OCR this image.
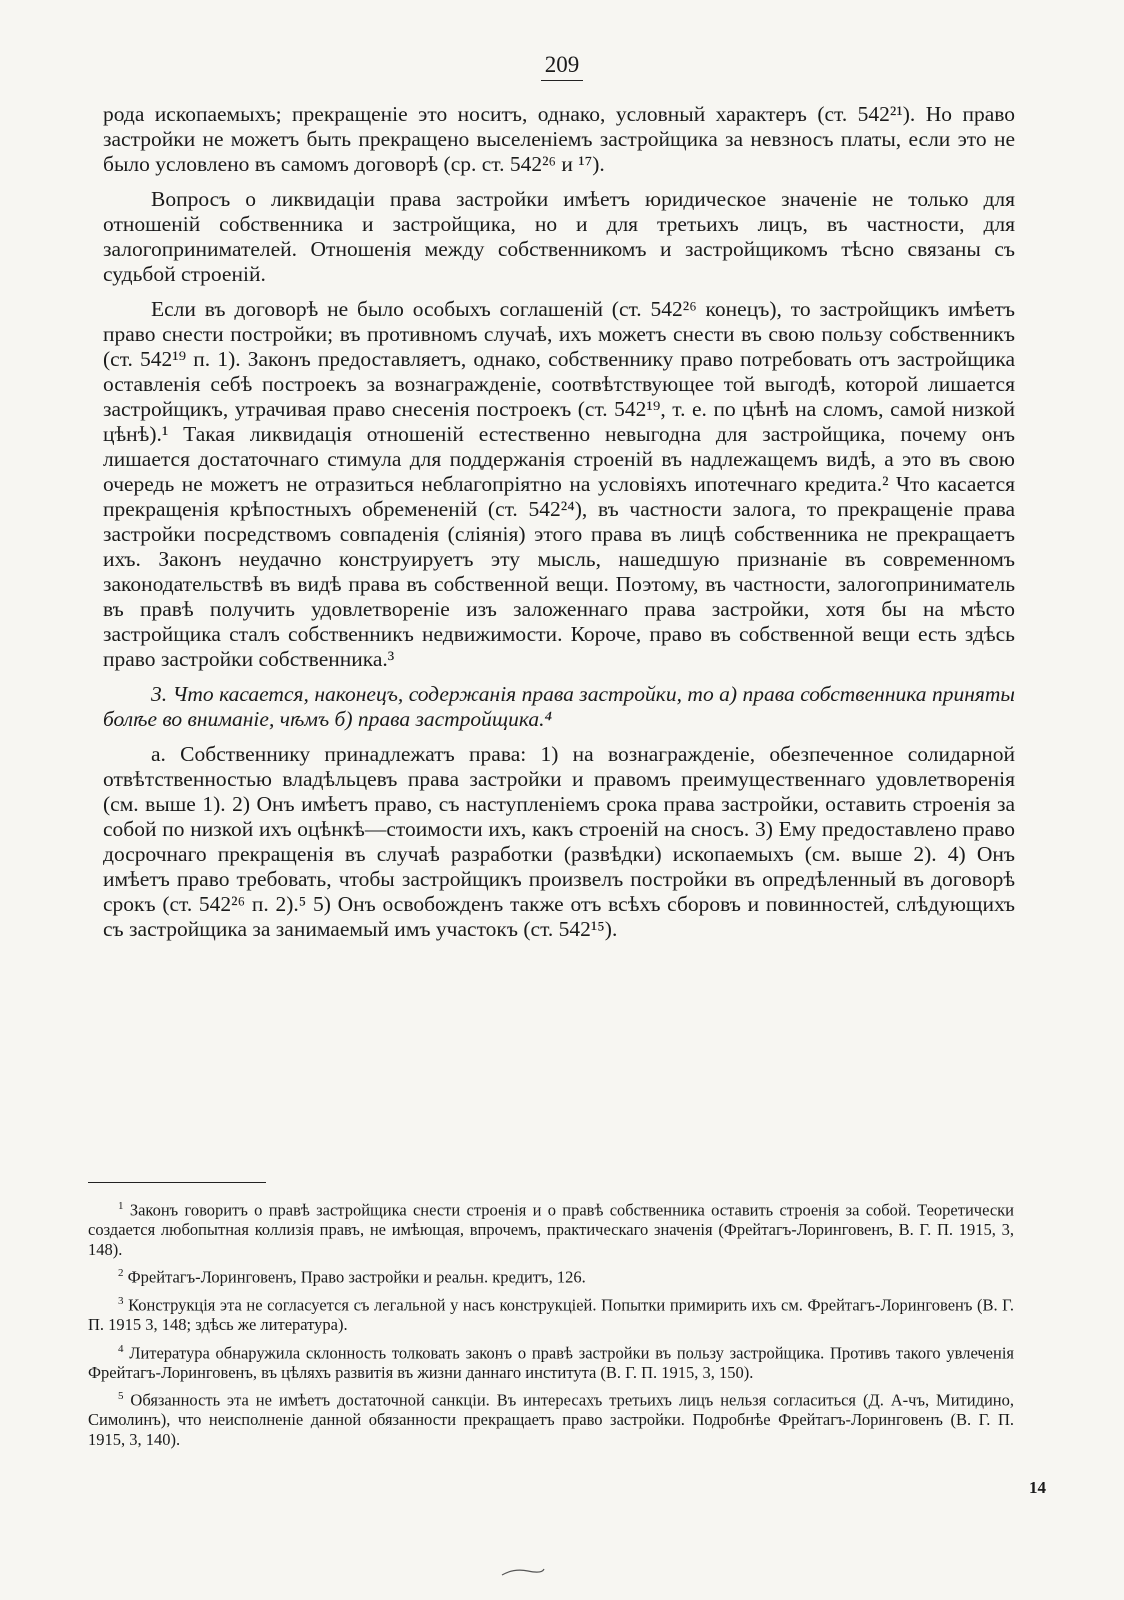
209

рода ископаемыхъ; прекращеніе это носитъ, однако, условный характеръ (ст. 542²¹). Но право застройки не можетъ быть прекращено выселеніемъ застройщика за невзносъ платы, если это не было условлено въ самомъ договорѣ (ср. ст. 542²⁶ и ¹⁷).

Вопросъ о ликвидаціи права застройки имѣетъ юридическое значеніе не только для отношеній собственника и застройщика, но и для третьихъ лицъ, въ частности, для залогопринимателей. Отношенія между собственникомъ и застройщикомъ тѣсно связаны съ судьбой строеній.

Если въ договорѣ не было особыхъ соглашеній (ст. 542²⁶ конецъ), то застройщикъ имѣетъ право снести постройки; въ противномъ случаѣ, ихъ можетъ снести въ свою пользу собственникъ (ст. 542¹⁹ п. 1). Законъ предоставляетъ, однако, собственнику право потребовать отъ застройщика оставленія себѣ построекъ за вознагражденіе, соотвѣтствующее той выгодѣ, которой лишается застройщикъ, утрачивая право снесенія построекъ (ст. 542¹⁹, т. е. по цѣнѣ на сломъ, самой низкой цѣнѣ).¹ Такая ликвидація отношеній естественно невыгодна для застройщика, почему онъ лишается достаточнаго стимула для поддержанія строеній въ надлежащемъ видѣ, а это въ свою очередь не можетъ не отразиться неблагопріятно на условіяхъ ипотечнаго кредита.² Что касается прекращенія крѣпостныхъ обремененій (ст. 542²⁴), въ частности залога, то прекращеніе права застройки посредствомъ совпаденія (сліянія) этого права въ лицѣ собственника не прекращаетъ ихъ. Законъ неудачно конструируетъ эту мысль, нашедшую признаніе въ современномъ законодательствѣ въ видѣ права въ собственной вещи. Поэтому, въ частности, залогоприниматель въ правѣ получить удовлетвореніе изъ заложеннаго права застройки, хотя бы на мѣсто застройщика сталъ собственникъ недвижимости. Короче, право въ собственной вещи есть здѣсь право застройки собственника.³

3. Что касается, наконецъ, содержанія права застройки, то а) права собственника приняты болѣе во вниманіе, чѣмъ б) права застройщика.⁴

а. Собственнику принадлежатъ права: 1) на вознагражденіе, обезпеченное солидарной отвѣтственностью владѣльцевъ права застройки и правомъ преимущественнаго удовлетворенія (см. выше 1). 2) Онъ имѣетъ право, съ наступленіемъ срока права застройки, оставить строенія за собой по низкой ихъ оцѣнкѣ—стоимости ихъ, какъ строеній на сносъ. 3) Ему предоставлено право досрочнаго прекращенія въ случаѣ разработки (развѣдки) ископаемыхъ (см. выше 2). 4) Онъ имѣетъ право требовать, чтобы застройщикъ произвелъ постройки въ опредѣленный въ договорѣ срокъ (ст. 542²⁶ п. 2).⁵ 5) Онъ освобожденъ также отъ всѣхъ сборовъ и повинностей, слѣдующихъ съ застройщика за занимаемый имъ участокъ (ст. 542¹⁵).

$^1$ Законъ говоритъ о правѣ застройщика снести строенія и о правѣ собственника оставить строенія за собой. Теоретически создается любопытная коллизія правъ, не имѣющая, впрочемъ, практическаго значенія (Фрейтагъ-Лоринговенъ, В. Г. П. 1915, 3, 148).

$^2$ Фрейтагъ-Лоринговенъ, Право застройки и реальн. кредитъ, 126.

$^3$ Конструкція эта не согласуется съ легальной у насъ конструкціей. Попытки примирить ихъ см. Фрейтагъ-Лоринговенъ (В. Г. П. 1915 3, 148; здѣсь же литература).

$^4$ Литература обнаружила склонность толковать законъ о правѣ застройки въ пользу застройщика. Противъ такого увлеченія Фрейтагъ-Лоринговенъ, въ цѣляхъ развитія въ жизни даннаго института (В. Г. П. 1915, 3, 150).

$^5$ Обязанность эта не имѣетъ достаточной санкціи. Въ интересахъ третьихъ лицъ нельзя согласиться (Д. А-чъ, Митидино, Симолинъ), что неисполненіе данной обязанности прекращаетъ право застройки. Подробнѣе Фрейтагъ-Лоринговенъ (В. Г. П. 1915, 3, 140).

14
